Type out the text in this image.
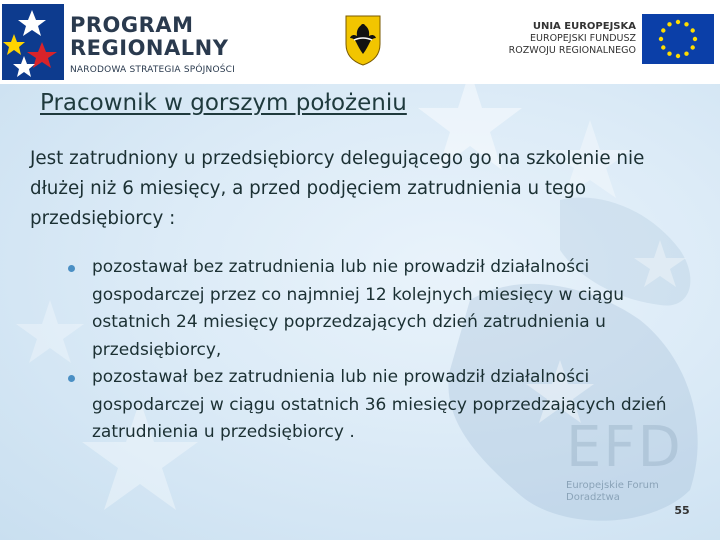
PROGRAM
REGIONALNY
NARODOWA STRATEGIA SPÓJNOŚCI
UNIA EUROPEJSKA
EUROPEJSKI FUNDUSZ
ROZWOJU REGIONALNEGO
Pracownik w gorszym położeniu

Jest zatrudniony u przedsiębiorcy delegującego go na szkolenie nie dłużej niż 6 miesięcy, a przed podjęciem zatrudnienia u tego przedsiębiorcy :

pozostawał bez zatrudnienia lub nie prowadził działalności gospodarczej przez co najmniej 12 kolejnych miesięcy w ciągu ostatnich 24 miesięcy poprzedzających dzień zatrudnienia u przedsiębiorcy,
pozostawał bez zatrudnienia lub nie prowadził działalności gospodarczej w ciągu ostatnich 36 miesięcy poprzedzających dzień zatrudnienia u przedsiębiorcy .	EFD
Europejskie Forum Doradztwa
55
